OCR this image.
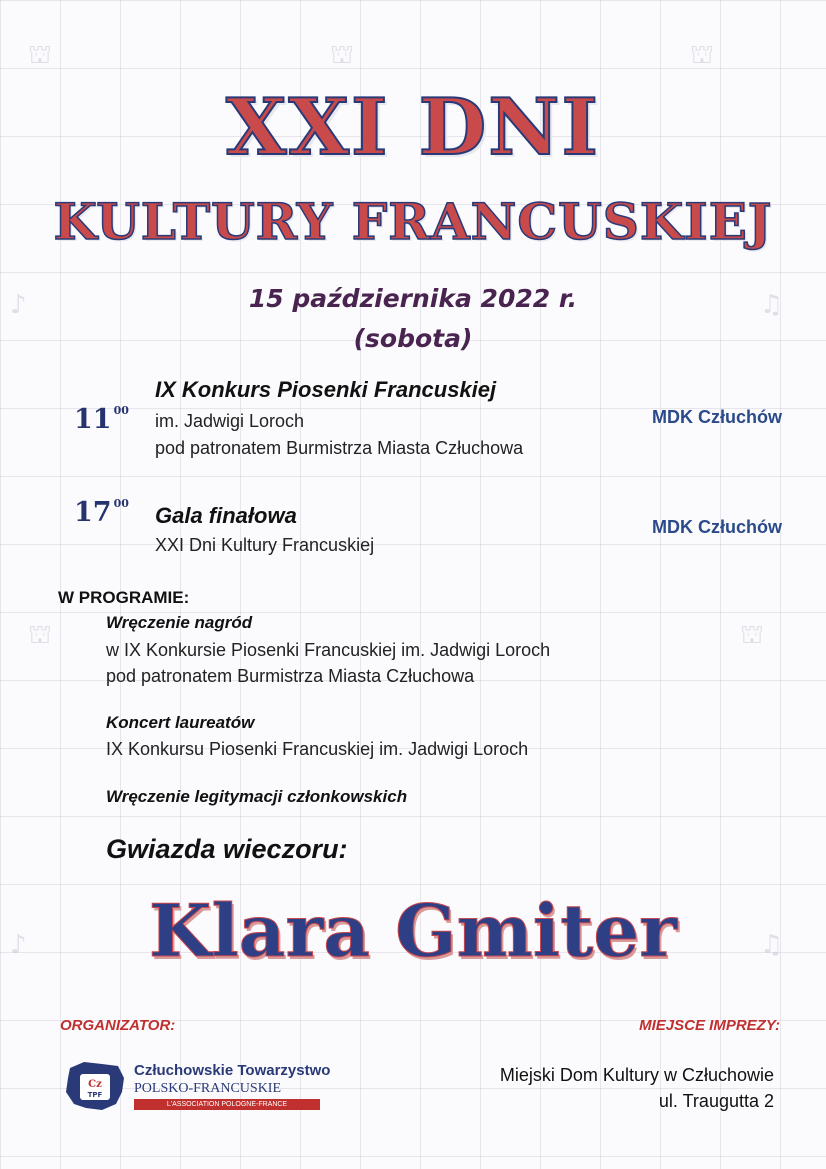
⛫	⛫	⛫
♪	♫
⛫	⛫
♪	♫
XXI DNI
KULTURY FRANCUSKIEJ
15 października 2022 r.
(sobota)
11 $^{00}$
IX Konkurs Piosenki Francuskiej
im. Jadwigi Loroch
pod patronatem Burmistrza Miasta Człuchowa
MDK Człuchów
17 $^{00}$ Gala finałowa
XXI Dni Kultury Francuskiej
MDK Człuchów
W PROGRAMIE:
Wręczenie nagród
w IX Konkursie Piosenki Francuskiej im. Jadwigi Loroch
pod patronatem Burmistrza Miasta Człuchowa
Koncert laureatów
IX Konkursu Piosenki Francuskiej im. Jadwigi Loroch
Wręczenie legitymacji członkowskich
Gwiazda wieczoru:
Klara Gmiter
ORGANIZATOR:	MIEJSCE IMPREZY:
Cz
TPF
Człuchowskie Towarzystwo
POLSKO-FRANCUSKIE
L'ASSOCIATION POLOGNE-FRANCE
Miejski Dom Kultury w Człuchowie
ul. Traugutta 2
